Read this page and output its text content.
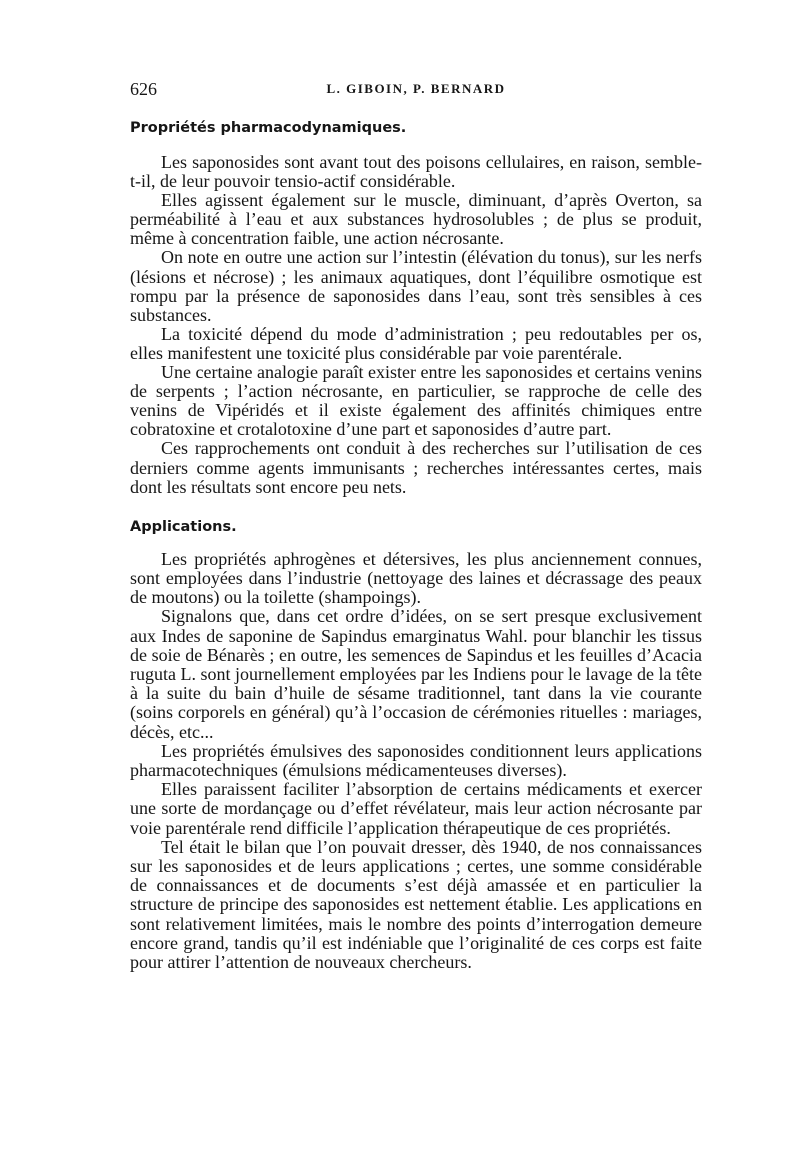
626	L. GIBOIN, P. BERNARD
Propriétés pharmacodynamiques.

Les saponosides sont avant tout des poisons cellulaires, en raison, semble-t-il, de leur pouvoir tensio-actif considérable.

Elles agissent également sur le muscle, diminuant, d’après Overton, sa perméabilité à l’eau et aux substances hydrosolubles ; de plus se produit, même à concentration faible, une action nécrosante.

On note en outre une action sur l’intestin (élévation du tonus), sur les nerfs (lésions et nécrose) ; les animaux aquatiques, dont l’équilibre osmotique est rompu par la présence de saponosides dans l’eau, sont très sensibles à ces substances.

La toxicité dépend du mode d’administration ; peu redoutables per os, elles manifestent une toxicité plus considérable par voie parentérale.

Une certaine analogie paraît exister entre les saponosides et certains venins de serpents ; l’action nécrosante, en particulier, se rapproche de celle des venins de Vipéridés et il existe également des affinités chimiques entre cobratoxine et crotalotoxine d’une part et saponosides d’autre part.

Ces rapprochements ont conduit à des recherches sur l’utilisation de ces derniers comme agents immunisants ; recherches intéressantes certes, mais dont les résultats sont encore peu nets.

Applications.

Les propriétés aphrogènes et détersives, les plus anciennement connues, sont employées dans l’industrie (nettoyage des laines et décrassage des peaux de moutons) ou la toilette (shampoings).

Signalons que, dans cet ordre d’idées, on se sert presque exclusivement aux Indes de saponine de Sapindus emarginatus Wahl. pour blanchir les tissus de soie de Bénarès ; en outre, les semences de Sapindus et les feuilles d’Acacia ruguta L. sont journellement employées par les Indiens pour le lavage de la tête à la suite du bain d’huile de sésame traditionnel, tant dans la vie courante (soins corporels en général) qu’à l’occasion de cérémonies rituelles : mariages, décès, etc...

Les propriétés émulsives des saponosides conditionnent leurs applications pharmacotechniques (émulsions médicamenteuses diverses).

Elles paraissent faciliter l’absorption de certains médicaments et exercer une sorte de mordançage ou d’effet révélateur, mais leur action nécrosante par voie parentérale rend difficile l’application thérapeutique de ces propriétés.

Tel était le bilan que l’on pouvait dresser, dès 1940, de nos connaissances sur les saponosides et de leurs applications ; certes, une somme considérable de connaissances et de documents s’est déjà amassée et en particulier la structure de principe des saponosides est nettement établie. Les applications en sont relativement limitées, mais le nombre des points d’interrogation demeure encore grand, tandis qu’il est indéniable que l’originalité de ces corps est faite pour attirer l’attention de nouveaux chercheurs.
